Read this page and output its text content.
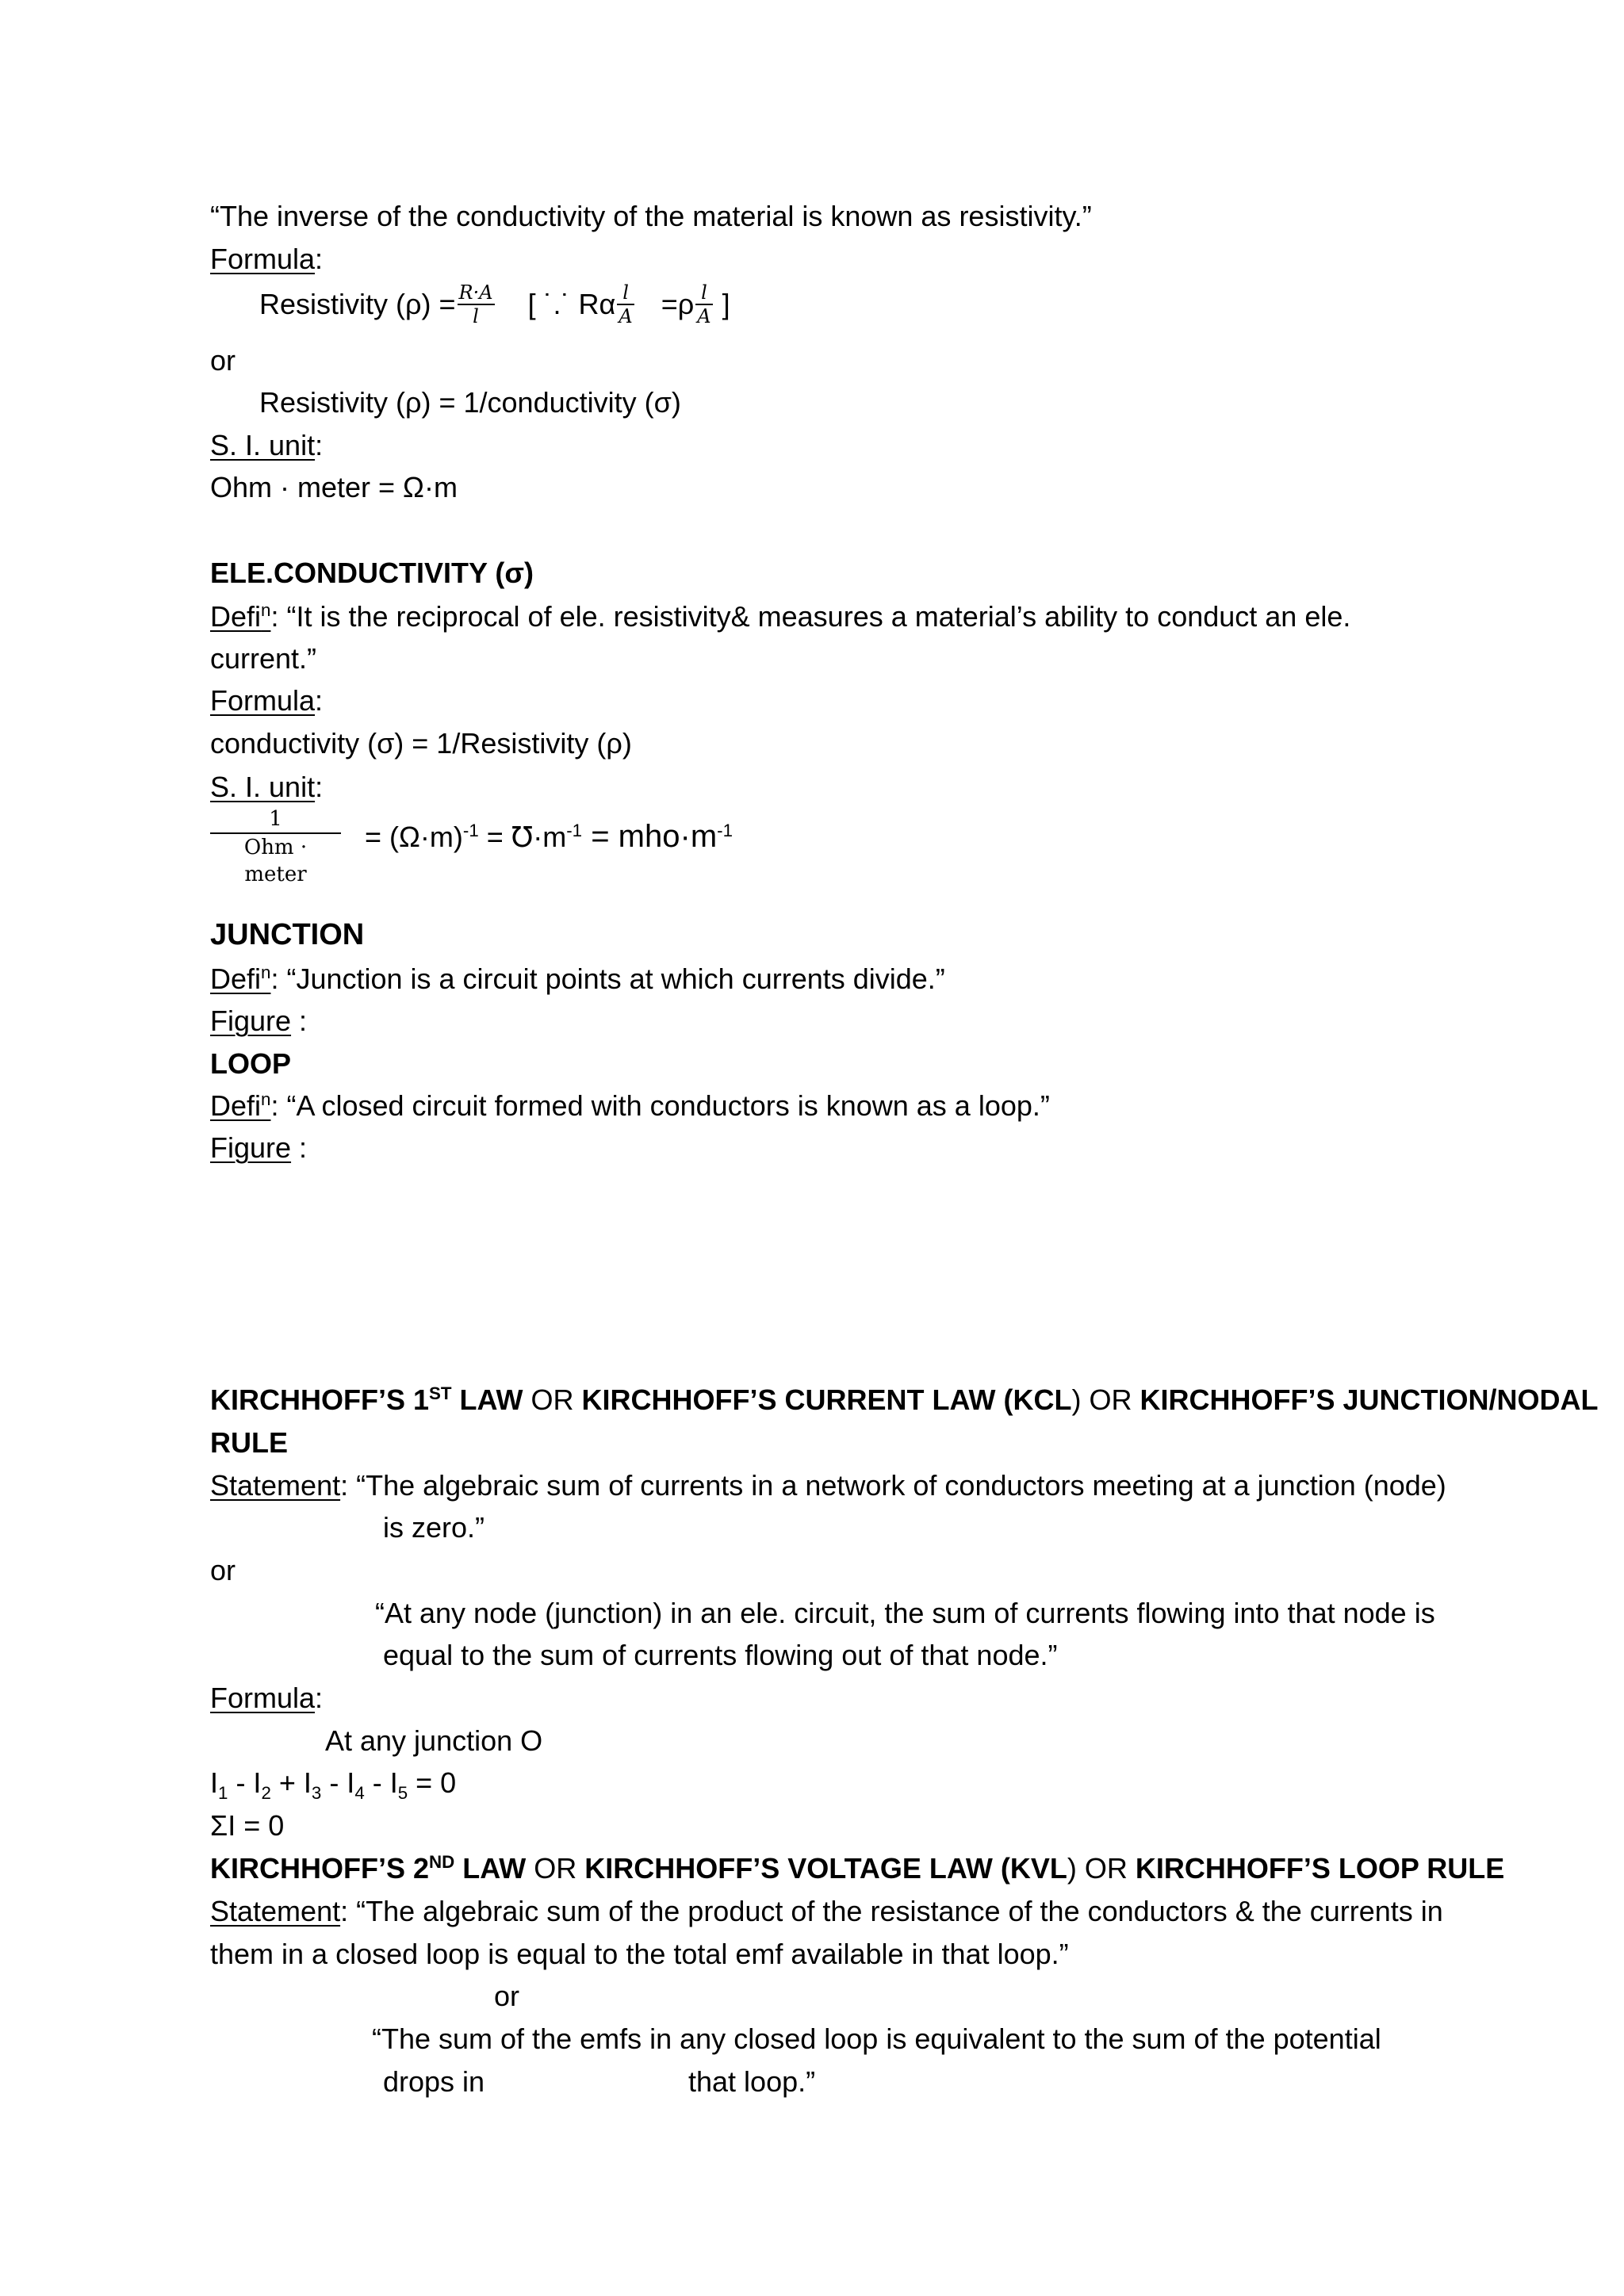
“The inverse of the conductivity of the material is known as resistivity.”
Formula:
Resistivity $(\rho) = \frac{R\cdot A}{l}$ [ ˙.˙ Rα $\frac{l}{A} =\rho \frac{l}{A}$ ]
or
Resistivity (ρ) = 1/conductivity (σ)
S. I. unit:
Ohm · meter = Ω·m
ELE.CONDUCTIVITY (σ)
Defi$^n$: “It is the reciprocal of ele. resistivity& measures a material’s ability to conduct an ele.
current.”
Formula:
conductivity (σ) = 1/Resistivity (ρ)
S. I. unit:
1
Ohm · meter
= $(\Omega\cdot m)^{-1}$ = $℧\cdot m^{-1} = mho\cdot m^{-1}$
JUNCTION
Defi$^n$: “Junction is a circuit points at which currents divide.”
Figure :
LOOP
Defi$^n$: “A closed circuit formed with conductors is known as a loop.”
Figure :
KIRCHHOFF’S 1ST LAW OR KIRCHHOFF’S CURRENT LAW (KCL) OR KIRCHHOFF’S JUNCTION/NODAL
RULE
Statement: “The algebraic sum of currents in a network of conductors meeting at a junction (node)
is zero.”
or
“At any node (junction) in an ele. circuit, the sum of currents flowing into that node is
equal to the sum of currents flowing out of that node.”
Formula:
At any junction O
$I_1 - I_2 + I_3 - I_4 - I_5 = 0$
ΣI = 0
KIRCHHOFF’S 2ND LAW OR KIRCHHOFF’S VOLTAGE LAW (KVL) OR KIRCHHOFF’S LOOP RULE
Statement: “The algebraic sum of the product of the resistance of the conductors & the currents in
them in a closed loop is equal to the total emf available in that loop.”
or
“The sum of the emfs in any closed loop is equivalent to the sum of the potential
drops in	that loop.”
